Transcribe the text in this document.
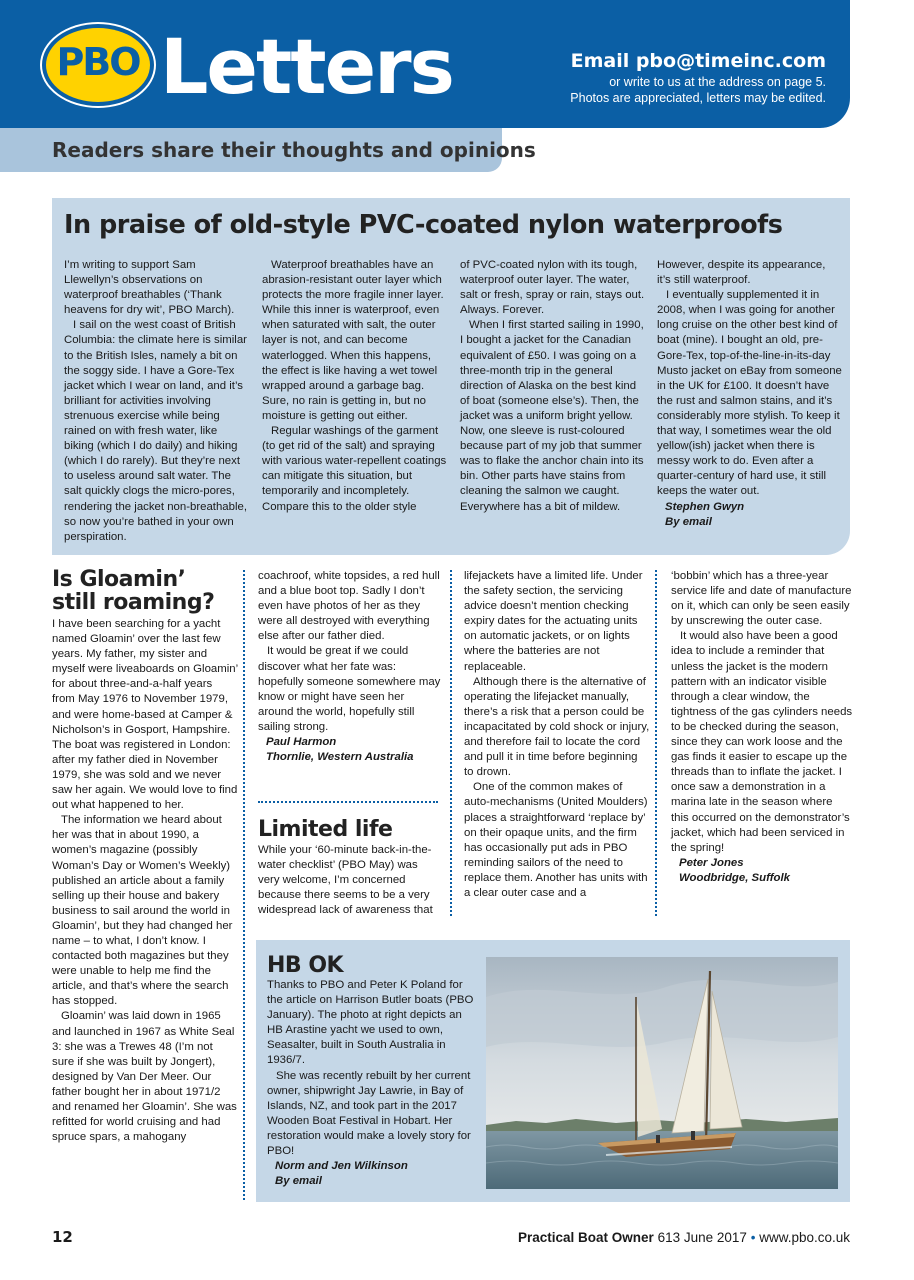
PBO Letters	Email pbo@timeinc.com
or write to us at the address on page 5.
Photos are appreciated, letters may be edited.
Readers share their thoughts and opinions
In praise of old-style PVC-coated nylon waterproofs

I’m writing to support Sam Llewellyn’s observations on waterproof breathables (‘Thank heavens for dry wit’, PBO March).

I sail on the west coast of British Columbia: the climate here is similar to the British Isles, namely a bit on the soggy side. I have a Gore-Tex jacket which I wear on land, and it’s brilliant for activities involving strenuous exercise while being rained on with fresh water, like biking (which I do daily) and hiking (which I do rarely). But they’re next to useless around salt water. The salt quickly clogs the micro-pores, rendering the jacket non-breathable, so now you’re bathed in your own perspiration.

Waterproof breathables have an abrasion-resistant outer layer which protects the more fragile inner layer. While this inner is waterproof, even when saturated with salt, the outer layer is not, and can become waterlogged. When this happens, the effect is like having a wet towel wrapped around a garbage bag. Sure, no rain is getting in, but no moisture is getting out either.

Regular washings of the garment (to get rid of the salt) and spraying with various water-repellent coatings can mitigate this situation, but temporarily and incompletely. Compare this to the older style

of PVC-coated nylon with its tough, waterproof outer layer. The water, salt or fresh, spray or rain, stays out. Always. Forever.

When I first started sailing in 1990, I bought a jacket for the Canadian equivalent of £50. I was going on a three-month trip in the general direction of Alaska on the best kind of boat (someone else’s). Then, the jacket was a uniform bright yellow. Now, one sleeve is rust-coloured because part of my job that summer was to flake the anchor chain into its bin. Other parts have stains from cleaning the salmon we caught. Everywhere has a bit of mildew.

However, despite its appearance, it’s still waterproof.

I eventually supplemented it in 2008, when I was going for another long cruise on the other best kind of boat (mine). I bought an old, pre-Gore-Tex, top-of-the-line-in-its-day Musto jacket on eBay from someone in the UK for £100. It doesn’t have the rust and salmon stains, and it’s considerably more stylish. To keep it that way, I sometimes wear the old yellow(ish) jacket when there is messy work to do. Even after a quarter-century of hard use, it still keeps the water out.

Stephen Gwyn
By email
Is Gloamin’
still roaming?

I have been searching for a yacht named Gloamin’ over the last few years. My father, my sister and myself were liveaboards on Gloamin’ for about three-and-a-half years from May 1976 to November 1979, and were home-based at Camper & Nicholson’s in Gosport, Hampshire. The boat was registered in London: after my father died in November 1979, she was sold and we never saw her again. We would love to find out what happened to her.

The information we heard about her was that in about 1990, a women’s magazine (possibly Woman’s Day or Women’s Weekly) published an article about a family selling up their house and bakery business to sail around the world in Gloamin’, but they had changed her name – to what, I don’t know. I contacted both magazines but they were unable to help me find the article, and that’s where the search has stopped.

Gloamin’ was laid down in 1965 and launched in 1967 as White Seal 3: she was a Trewes 48 (I’m not sure if she was built by Jongert), designed by Van Der Meer. Our father bought her in about 1971/2 and renamed her Gloamin’. She was refitted for world cruising and had spruce spars, a mahogany

coachroof, white topsides, a red hull and a blue boot top. Sadly I don’t even have photos of her as they were all destroyed with everything else after our father died.

It would be great if we could discover what her fate was: hopefully someone somewhere may know or might have seen her around the world, hopefully still sailing strong.

Paul Harmon
Thornlie, Western Australia
Limited life

While your ‘60-minute back-in-the-water checklist’ (PBO May) was very welcome, I’m concerned because there seems to be a very widespread lack of awareness that

lifejackets have a limited life. Under the safety section, the servicing advice doesn’t mention checking expiry dates for the actuating units on automatic jackets, or on lights where the batteries are not replaceable.

Although there is the alternative of operating the lifejacket manually, there’s a risk that a person could be incapacitated by cold shock or injury, and therefore fail to locate the cord and pull it in time before beginning to drown.

One of the common makes of auto-mechanisms (United Moulders) places a straightforward ‘replace by’ on their opaque units, and the firm has occasionally put ads in PBO reminding sailors of the need to replace them. Another has units with a clear outer case and a

‘bobbin’ which has a three-year service life and date of manufacture on it, which can only be seen easily by unscrewing the outer case.

It would also have been a good idea to include a reminder that unless the jacket is the modern pattern with an indicator visible through a clear window, the tightness of the gas cylinders needs to be checked during the season, since they can work loose and the gas finds it easier to escape up the threads than to inflate the jacket. I once saw a demonstration in a marina late in the season where this occurred on the demonstrator’s jacket, which had been serviced in the spring!

Peter Jones
Woodbridge, Suffolk
HB OK

Thanks to PBO and Peter K Poland for the article on Harrison Butler boats (PBO January). The photo at right depicts an HB Arastine yacht we used to own, Seasalter, built in South Australia in 1936/7.

She was recently rebuilt by her current owner, shipwright Jay Lawrie, in Bay of Islands, NZ, and took part in the 2017 Wooden Boat Festival in Hobart. Her restoration would make a lovely story for PBO!

Norm and Jen Wilkinson
By email
12	Practical Boat Owner 613 June 2017 • www.pbo.co.uk
